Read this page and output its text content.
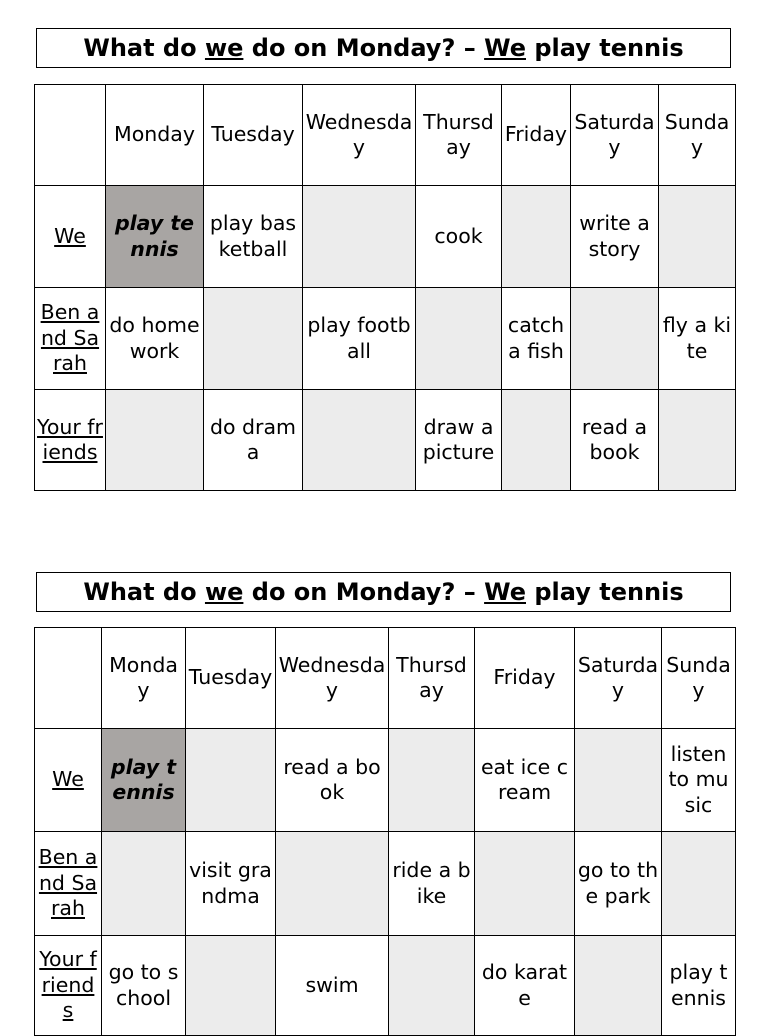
What do we do on Monday? – We play tennis
	Monday	Tuesday	Wednesday	Thursday	Friday	Saturday	Sunday
We	play tennis	play basketball		cook		write a story	
Ben and Sarah	do homework		play football		catch a fish		fly a kite
Your friends		do drama		draw a picture		read a book	
What do we do on Monday? – We play tennis
	Monday	Tuesday	Wednesday	Thursday	Friday	Saturday	Sunday
We	play tennis		read a book		eat ice cream		listen to music
Ben and Sarah		visit grandma		ride a bike		go to the park	
Your friends	go to school		swim		do karate		play tennis
